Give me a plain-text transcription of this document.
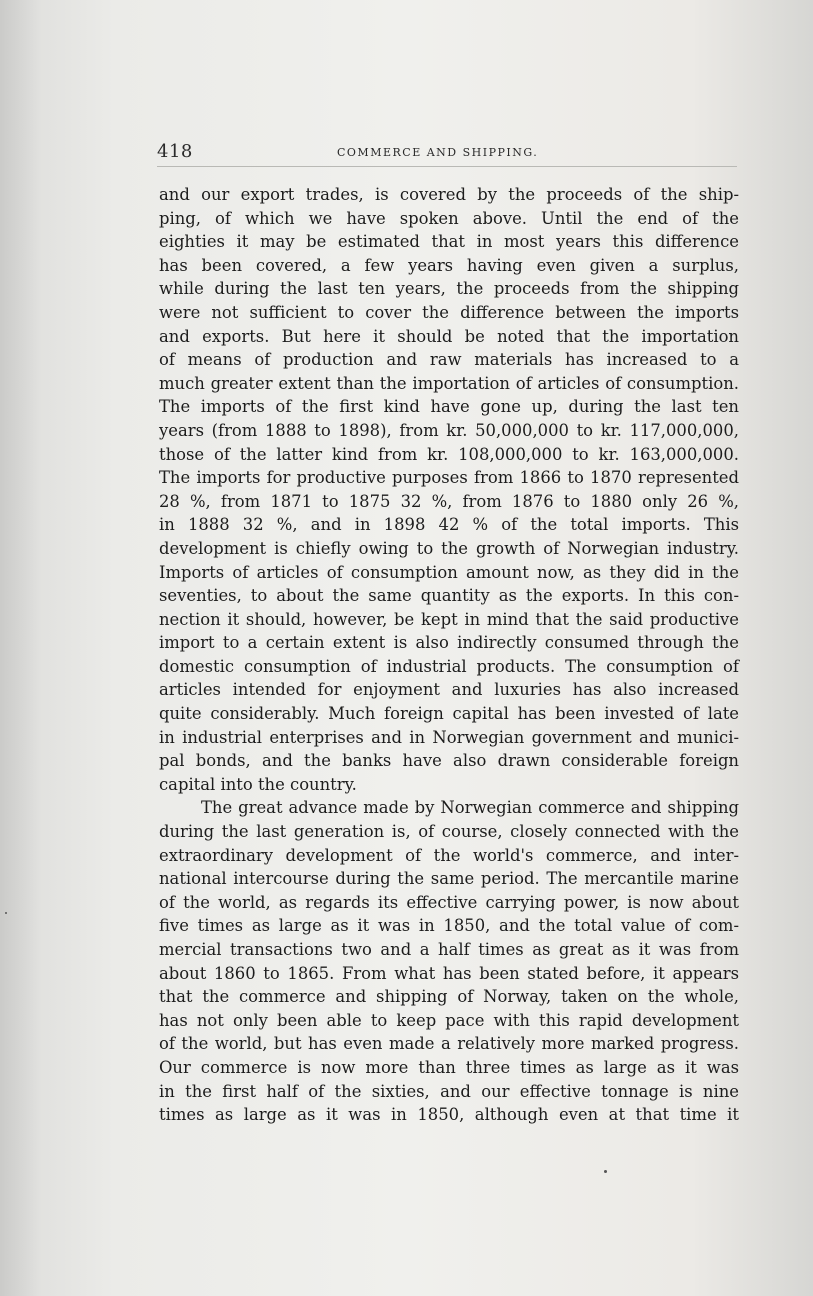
418	COMMERCE AND SHIPPING.
and our export trades, is covered by the proceeds of the ship-
ping, of which we have spoken above. Until the end of the
eighties it may be estimated that in most years this difference
has been covered, a few years having even given a surplus,
while during the last ten years, the proceeds from the shipping
were not sufficient to cover the difference between the imports
and exports. But here it should be noted that the importation
of means of production and raw materials has increased to a
much greater extent than the importation of articles of consumption.
The imports of the first kind have gone up, during the last ten
years (from 1888 to 1898), from kr. 50,000,000 to kr. 117,000,000,
those of the latter kind from kr. 108,000,000 to kr. 163,000,000.
The imports for productive purposes from 1866 to 1870 represented
28 %, from 1871 to 1875 32 %, from 1876 to 1880 only 26 %,
in 1888 32 %, and in 1898 42 % of the total imports. This
development is chiefly owing to the growth of Norwegian industry.
Imports of articles of consumption amount now, as they did in the
seventies, to about the same quantity as the exports. In this con-
nection it should, however, be kept in mind that the said productive
import to a certain extent is also indirectly consumed through the
domestic consumption of industrial products. The consumption of
articles intended for enjoyment and luxuries has also increased
quite considerably. Much foreign capital has been invested of late
in industrial enterprises and in Norwegian government and munici-
pal bonds, and the banks have also drawn considerable foreign
capital into the country.
The great advance made by Norwegian commerce and shipping
during the last generation is, of course, closely connected with the
extraordinary development of the world's commerce, and inter-
national intercourse during the same period. The mercantile marine
of the world, as regards its effective carrying power, is now about
five times as large as it was in 1850, and the total value of com-
mercial transactions two and a half times as great as it was from
about 1860 to 1865. From what has been stated before, it appears
that the commerce and shipping of Norway, taken on the whole,
has not only been able to keep pace with this rapid development
of the world, but has even made a relatively more marked progress.
Our commerce is now more than three times as large as it was
in the first half of the sixties, and our effective tonnage is nine
times as large as it was in 1850, although even at that time it
